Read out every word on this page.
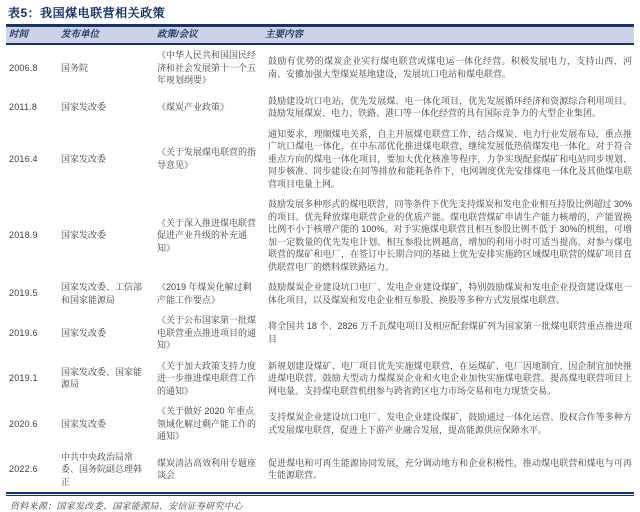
表5：我国煤电联营相关政策
时间	发布单位	政策/会议	主要内容
2006.8	国务院	《中华人民共和国国民经济和社会发展第十一个五年规划纲要》	鼓励有优势的煤炭企业实行煤电联营或煤电运一体化经营。积极发展电力，支持山西、河南、安徽加强大型煤炭基地建设，发展坑口电站和煤电联营。
2011.8	国家发改委	《煤炭产业政策》	鼓励建设坑口电站，优先发展煤、电一体化项目，优先发展循环经济和资源综合利用项目。鼓励发展煤炭、电力、铁路、港口等一体化经营的具有国际竞争力的大型企业集团。
2016.4	国家发改委	《关于发展煤电联营的指导意见》	通知要求，理顺煤电关系，自主开展煤电联营工作，结合煤炭、电力行业发展布局，重点推广坑口煤电一体化，在中东部优化推进煤电联营，继续发展低热值煤发电一体化。对于符合重点方向的煤电一体化项目，要加大优化核准等程序，力争实现配套煤矿和电站同步规划、同步核准、同步建设;在同等排放和能耗条件下，电网调度优先安排煤电一体化及其他煤电联营项目电量上网。
2018.9	国家发改委	《关于深入推进煤电联营促进产业升级的补充通知》	鼓励发展多种形式的煤电联营，同等条件下优先支持煤炭和发电企业相互持股比例超过 30%的项目。优先释放煤电联营企业的优质产能。煤电联营煤矿申请生产能力核增的，产能置换比例不小于核增产能的 100%。对于实施煤电联营且相互参股比例不低于 30%的机组，可增加一定数量的优先发电计划。相互参股比例越高，增加的利用小时可适当提高。对参与煤电联营的煤矿和电厂，在签订中长期合同的基础上优先安排实施跨区域煤电联营的煤矿项目直供联营电厂的燃料煤铁路运力。
2019.5	国家发改委、工信部和国家能源局	《2019 年煤炭化解过剩产能工作要点》	鼓励煤炭企业建设坑口电厂、发电企业建设煤矿，特别鼓励煤炭和发电企业投资建设煤电一体化项目，以及煤炭和发电企业相互参股、换股等多种方式发展煤电联营。
2019.6	国家发改委	《关于公布国家第一批煤电联营重点推进项目的通知》	将全国共 18 个、2826 万千瓦煤电项目及相应配套煤矿列为国家第一批煤电联营重点推进项目
2019.1	国家发改委、国家能源局	《关于加大政策支持力度进一步推进煤电联营工作的通知》	新规划建设煤矿、电厂项目优先实施煤电联营，在运煤矿、电厂因地制宜、因企制宜加快推进煤电联营，鼓励大型动力煤煤炭企业和火电企业加快实施煤电联营。提高煤电联营项目上网电量。支持煤电联营机组参与跨省跨区电力市场交易和电力现货交易。
2020.6	国家发改委	《关于做好 2020 年重点领域化解过剩产能工作的通知》	支持煤炭企业建设坑口电厂、发电企业建设煤矿，鼓励通过一体化运营、股权合作等多种方式发展煤电联营，促进上下游产业融合发展，提高能源供应保障水平。
2022.6	中共中央政治局常委、国务院副总理韩正	煤炭清洁高效利用专题座谈会	促进煤电和可再生能源协同发展，充分调动地方和企业积极性，推动煤电联营和煤电与可再生能源联营。
资料来源：国家发改委、国家能源局、安信证券研究中心
